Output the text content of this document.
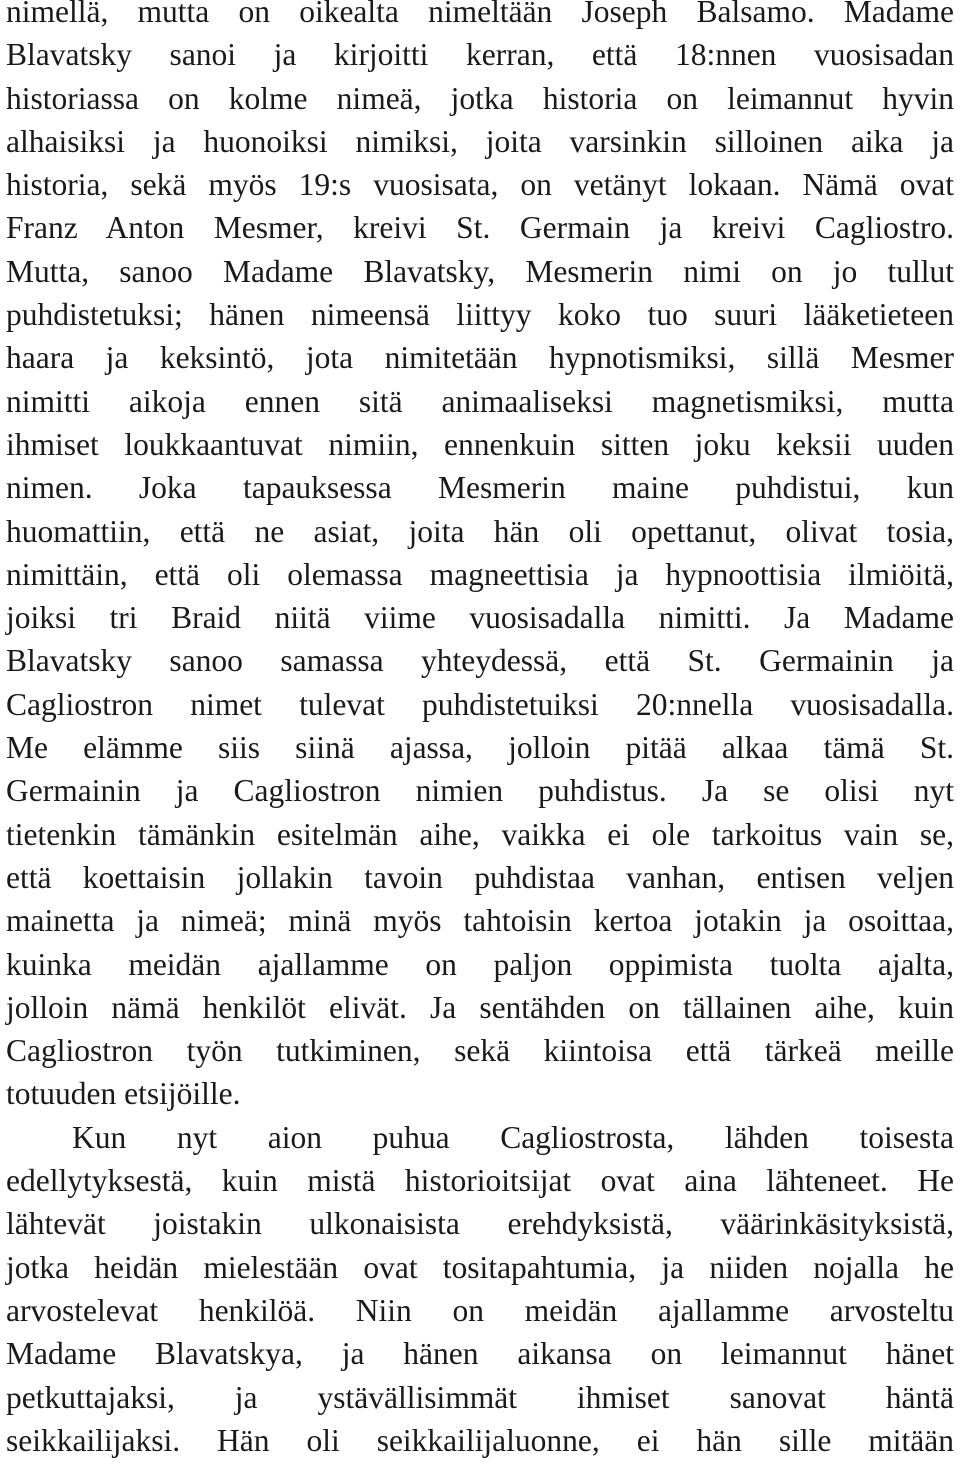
nimellä, mutta on oikealta nimeltään Joseph Balsamo. Madame
Blavatsky sanoi ja kirjoitti kerran, että 18:nnen vuosisadan
historiassa on kolme nimeä, jotka historia on leimannut hyvin
alhaisiksi ja huonoiksi nimiksi, joita varsinkin silloinen aika ja
historia, sekä myös 19:s vuosisata, on vetänyt lokaan. Nämä ovat
Franz Anton Mesmer, kreivi St. Germain ja kreivi Cagliostro.
Mutta, sanoo Madame Blavatsky, Mesmerin nimi on jo tullut
puhdistetuksi; hänen nimeensä liittyy koko tuo suuri lääketieteen
haara ja keksintö, jota nimitetään hypnotismiksi, sillä Mesmer
nimitti aikoja ennen sitä animaaliseksi magnetismiksi, mutta
ihmiset loukkaantuvat nimiin, ennenkuin sitten joku keksii uuden
nimen. Joka tapauksessa Mesmerin maine puhdistui, kun
huomattiin, että ne asiat, joita hän oli opettanut, olivat tosia,
nimittäin, että oli olemassa magneettisia ja hypnoottisia ilmiöitä,
joiksi tri Braid niitä viime vuosisadalla nimitti. Ja Madame
Blavatsky sanoo samassa yhteydessä, että St. Germainin ja
Cagliostron nimet tulevat puhdistetuiksi 20:nnella vuosisadalla.
Me elämme siis siinä ajassa, jolloin pitää alkaa tämä St.
Germainin ja Cagliostron nimien puhdistus. Ja se olisi nyt
tietenkin tämänkin esitelmän aihe, vaikka ei ole tarkoitus vain se,
että koettaisin jollakin tavoin puhdistaa vanhan, entisen veljen
mainetta ja nimeä; minä myös tahtoisin kertoa jotakin ja osoittaa,
kuinka meidän ajallamme on paljon oppimista tuolta ajalta,
jolloin nämä henkilöt elivät. Ja sentähden on tällainen aihe, kuin
Cagliostron työn tutkiminen, sekä kiintoisa että tärkeä meille
totuuden etsijöille.
Kun nyt aion puhua Cagliostrosta, lähden toisesta
edellytyksestä, kuin mistä historioitsijat ovat aina lähteneet. He
lähtevät joistakin ulkonaisista erehdyksistä, väärinkäsityksistä,
jotka heidän mielestään ovat tositapahtumia, ja niiden nojalla he
arvostelevat henkilöä. Niin on meidän ajallamme arvosteltu
Madame Blavatskya, ja hänen aikansa on leimannut hänet
petkuttajaksi, ja ystävällisimmät ihmiset sanovat häntä
seikkailijaksi. Hän oli seikkailijaluonne, ei hän sille mitään
